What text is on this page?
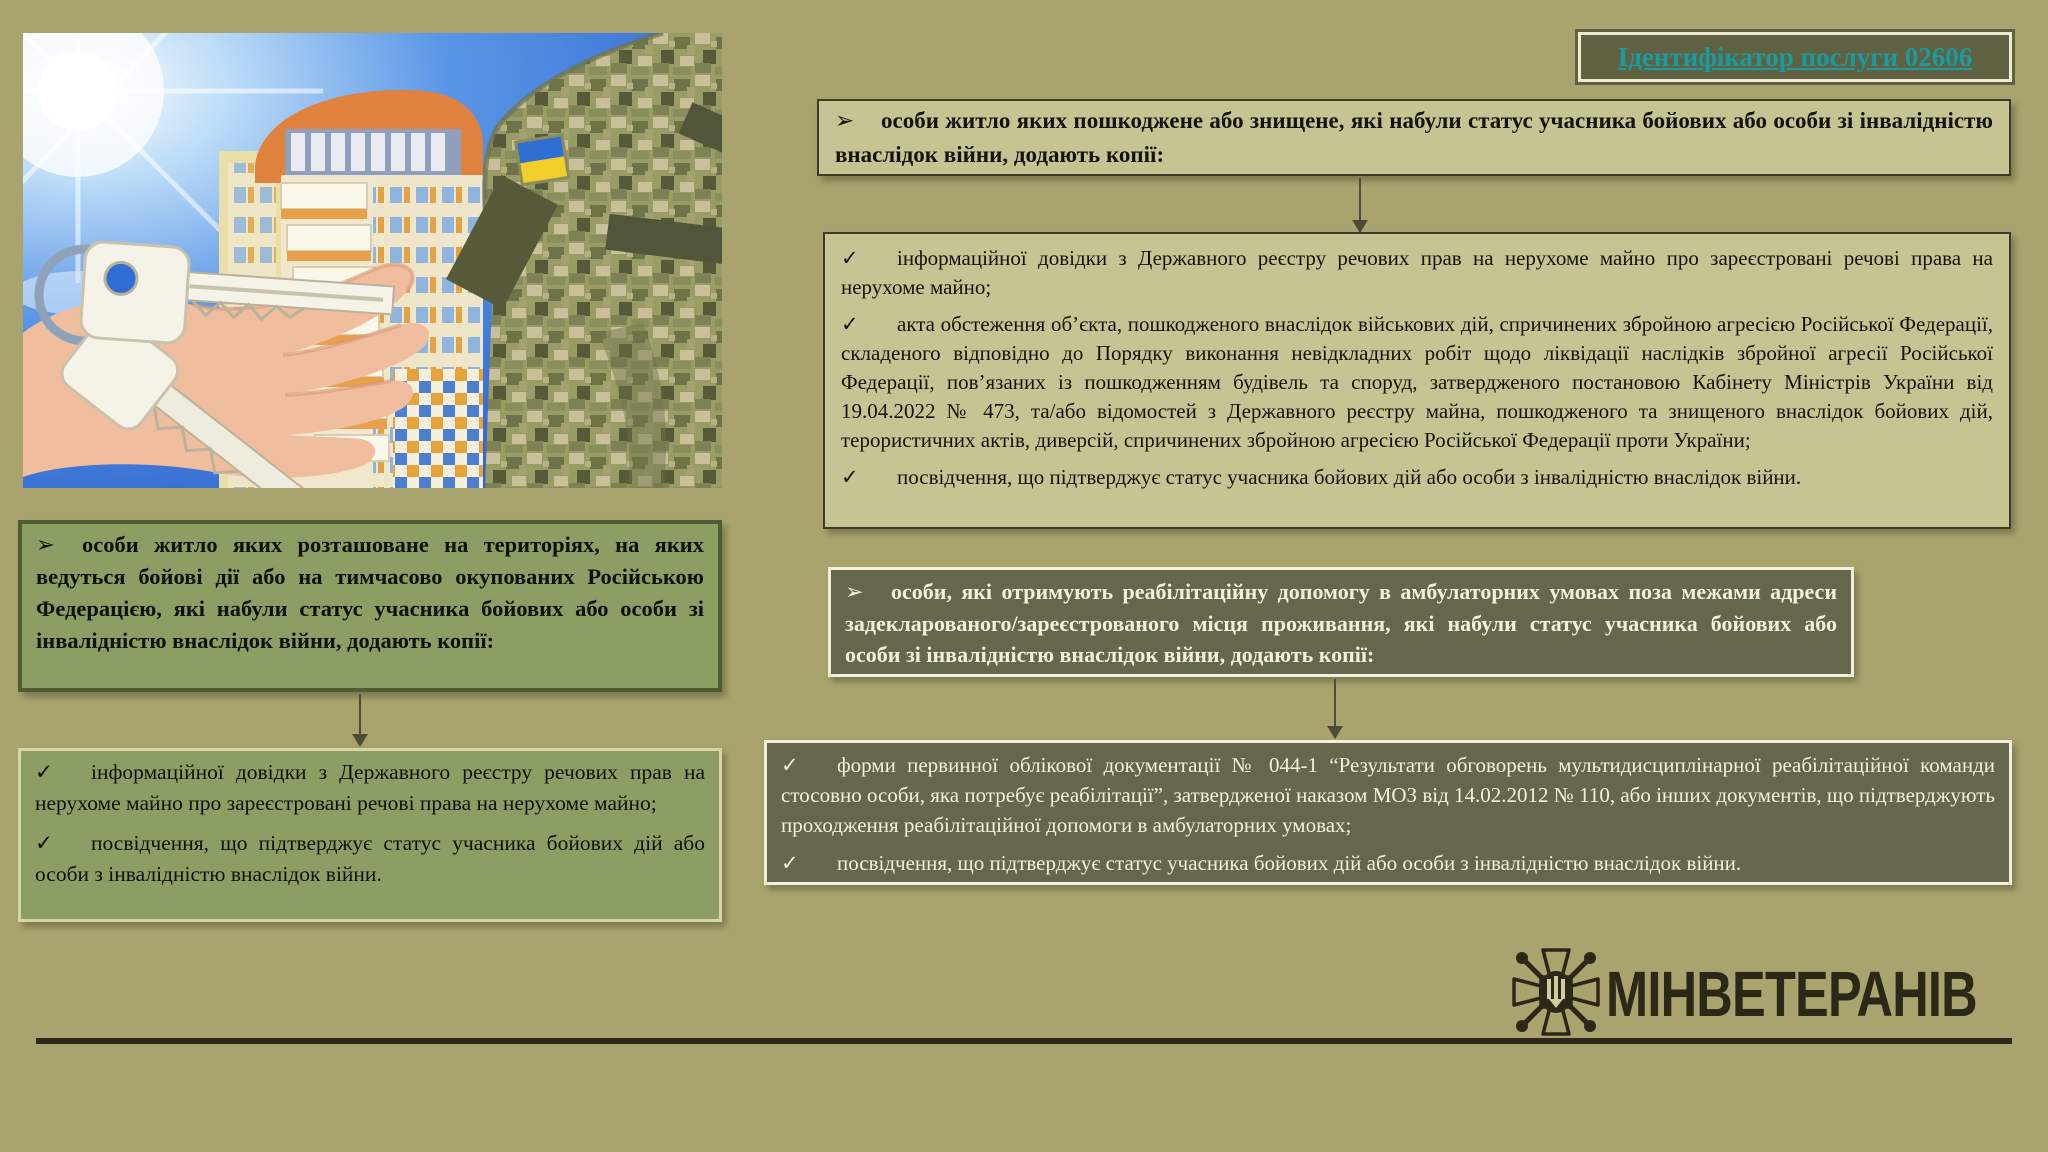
Ідентифікатор послуги 02606

➢ особи житло яких пошкоджене або знищене, які набули статус учасника бойових або особи зі інвалідністю внаслідок війни, додають копії:

✓ інформаційної довідки з Державного реєстру речових прав на нерухоме майно про зареєстровані речові права на нерухоме майно;

✓ акта обстеження об’єкта, пошкодженого внаслідок військових дій, спричинених збройною агресією Російської Федерації, складеного відповідно до Порядку виконання невідкладних робіт щодо ліквідації наслідків збройної агресії Російської Федерації, пов’язаних із пошкодженням будівель та споруд, затвердженого постановою Кабінету Міністрів України від 19.04.2022 № 473, та/або відомостей з Державного реєстру майна, пошкодженого та знищеного внаслідок бойових дій, терористичних актів, диверсій, спричинених збройною агресією Російської Федерації проти України;

✓ посвідчення, що підтверджує статус учасника бойових дій або особи з інвалідністю внаслідок війни.

➢ особи житло яких розташоване на територіях, на яких ведуться бойові дії або на тимчасово окупованих Російською Федерацією, які набули статус учасника бойових або особи зі інвалідністю внаслідок війни, додають копії:

✓ інформаційної довідки з Державного реєстру речових прав на нерухоме майно про зареєстровані речові права на нерухоме майно;

✓ посвідчення, що підтверджує статус учасника бойових дій або особи з інвалідністю внаслідок війни.

➢ особи, які отримують реабілітаційну допомогу в амбулаторних умовах поза межами адреси задекларованого/зареєстрованого місця проживання, які набули статус учасника бойових або особи зі інвалідністю внаслідок війни, додають копії:

✓ форми первинної облікової документації № 044-1 “Результати обговорень мультидисциплінарної реабілітаційної команди стосовно особи, яка потребує реабілітації”, затвердженої наказом МОЗ від 14.02.2012 № 110, або інших документів, що підтверджують проходження реабілітаційної допомоги в амбулаторних умовах;

✓ посвідчення, що підтверджує статус учасника бойових дій або особи з інвалідністю внаслідок війни.

МІНВЕТЕРАНІВ
